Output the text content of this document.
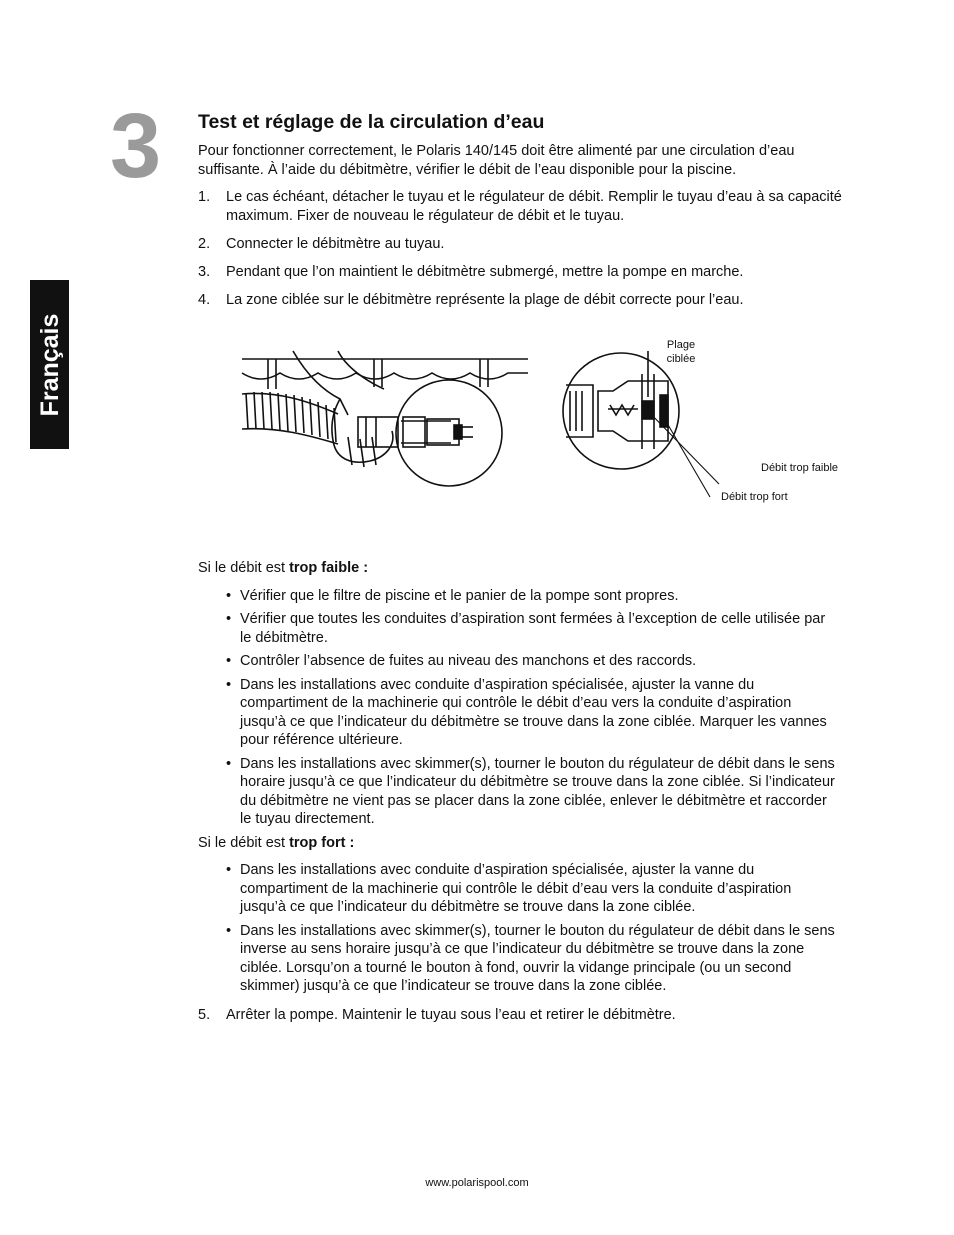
3
Français
Test et réglage de la circulation d’eau

Pour fonctionner correctement, le Polaris 140/145 doit être alimenté par une circulation d’eau suffisante. À l’aide du débitmètre, vérifier le débit de l’eau disponible pour la piscine.

1. Le cas échéant, détacher le tuyau et le régulateur de débit. Remplir le tuyau d’eau à sa capacité maximum. Fixer de nouveau le régulateur de débit et le tuyau.
2. Connecter le débitmètre au tuyau.
3. Pendant que l’on maintient le débitmètre submergé, mettre la pompe en marche.
4. La zone ciblée sur le débitmètre représente la plage de débit correcte pour l’eau.
Plage
ciblée
Débit trop faible
Débit trop fort

Si le débit est trop faible :

• Vérifier que le filtre de piscine et le panier de la pompe sont propres.
• Vérifier que toutes les conduites d’aspiration sont fermées à l’exception de celle utilisée par le débitmètre.
• Contrôler l’absence de fuites au niveau des manchons et des raccords.
• Dans les installations avec conduite d’aspiration spécialisée, ajuster la vanne du compartiment de la machinerie qui contrôle le débit d’eau vers la conduite d’aspiration jusqu’à ce que l’indicateur du débitmètre se trouve dans la zone ciblée. Marquer les vannes pour référence ultérieure.
• Dans les installations avec skimmer(s), tourner le bouton du régulateur de débit dans le sens horaire jusqu’à ce que l’indicateur du débitmètre se trouve dans la zone ciblée. Si l’indicateur du débitmètre ne vient pas se placer dans la zone ciblée, enlever le débitmètre et raccorder le tuyau directement.

Si le débit est trop fort :

• Dans les installations avec conduite d’aspiration spécialisée, ajuster la vanne du compartiment de la machinerie qui contrôle le débit d’eau vers la conduite d’aspiration jusqu’à ce que l’indicateur du débitmètre se trouve dans la zone ciblée.
• Dans les installations avec skimmer(s), tourner le bouton du régulateur de débit dans le sens inverse au sens horaire jusqu’à ce que l’indicateur du débitmètre se trouve dans la zone ciblée. Lorsqu’on a tourné le bouton à fond, ouvrir la vidange principale (ou un second skimmer) jusqu’à ce que l’indicateur se trouve dans la zone ciblée.
5. Arrêter la pompe. Maintenir le tuyau sous l’eau et retirer le débitmètre.
www.polarispool.com
